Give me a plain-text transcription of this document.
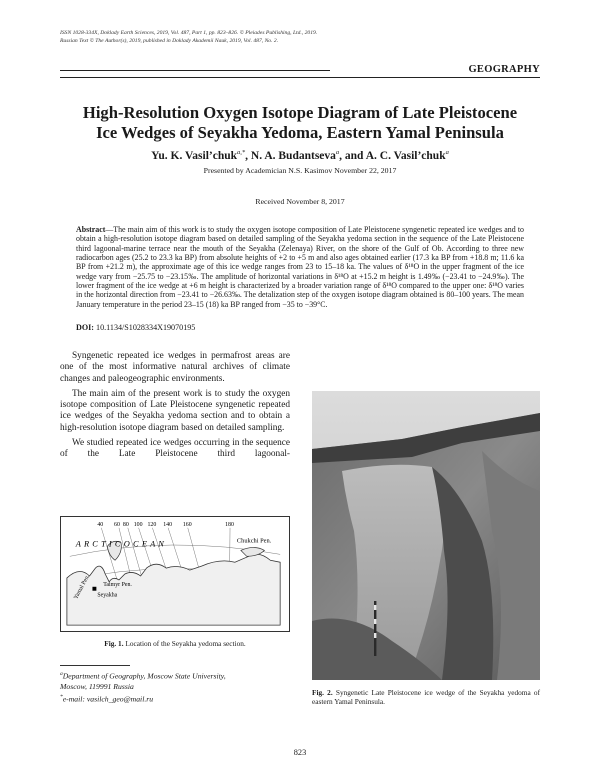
ISSN 1028-334X, Doklady Earth Sciences, 2019, Vol. 487, Part 1, pp. 823–826. © Pleiades Publishing, Ltd., 2019.
Russian Text © The Author(s), 2019, published in Doklady Akademii Nauk, 2019, Vol. 487, No. 2.
GEOGRAPHY
High-Resolution Oxygen Isotope Diagram of Late Pleistocene
Ice Wedges of Seyakha Yedoma, Eastern Yamal Peninsula
Yu. K. Vasil’chuk$^{a,*}$, N. A. Budantseva$^a$, and A. C. Vasil’chuk$^a$
Presented by Academician N.S. Kasimov November 22, 2017
Received November 8, 2017
Abstract—The main aim of this work is to study the oxygen isotope composition of Late Pleistocene syngenetic repeated ice wedges and to obtain a high-resolution isotope diagram based on detailed sampling of the Seyakha yedoma section in the sequence of the Late Pleistocene third lagoonal-marine terrace near the mouth of the Seyakha (Zelenaya) River, on the shore of the Gulf of Ob. According to three new radiocarbon ages (25.2 to 23.3 ka BP) from absolute heights of +2 to +5 m and also ages obtained earlier (17.3 ka BP from +18.8 m; 11.6 ka BP from +21.2 m), the approximate age of this ice wedge ranges from 23 to 15–18 ka. The values of δ¹⁸O in the upper fragment of the ice wedge vary from −25.75 to −23.15‰. The amplitude of horizontal variations in δ¹⁸O at +15.2 m height is 1.49‰ (−23.41 to −24.9‰). The lower fragment of the ice wedge at +6 m height is characterized by a broader variation range of δ¹⁸O compared to the upper one: δ¹⁸O varies in the horizontal direction from −23.41 to −26.63‰. The detalization step of the oxygen isotope diagram obtained is 80–100 years. The mean January temperature in the period 23–15 (18) ka BP ranged from −35 to −39°C.
DOI: 10.1134/S1028334X19070195

Syngenetic repeated ice wedges in permafrost areas are one of the most informative natural archives of climate changes and paleogeographic environments.

The main aim of the present work is to study the oxygen isotope composition of Late Pleistocene syngenetic repeated ice wedges of the Seyakha yedoma section and to obtain a high-resolution isotope diagram based on detailed sampling.

We studied repeated ice wedges occurring in the sequence of the Late Pleistocene third lagoonal-

40 60 80 100 120 140 160	180
A R C T I C O C E A N	Chukchi Pen.
Yamal Pen. Taimyr Pen.
Seyakha
Fig. 1. Location of the Seyakha yedoma section.
$^a$Department of Geography, Moscow State University,
Moscow, 119991 Russia
*e-mail: vasilch_geo@mail.ru
Fig. 2. Syngenetic Late Pleistocene ice wedge of the Seyakha yedoma of eastern Yamal Peninsula.
823
